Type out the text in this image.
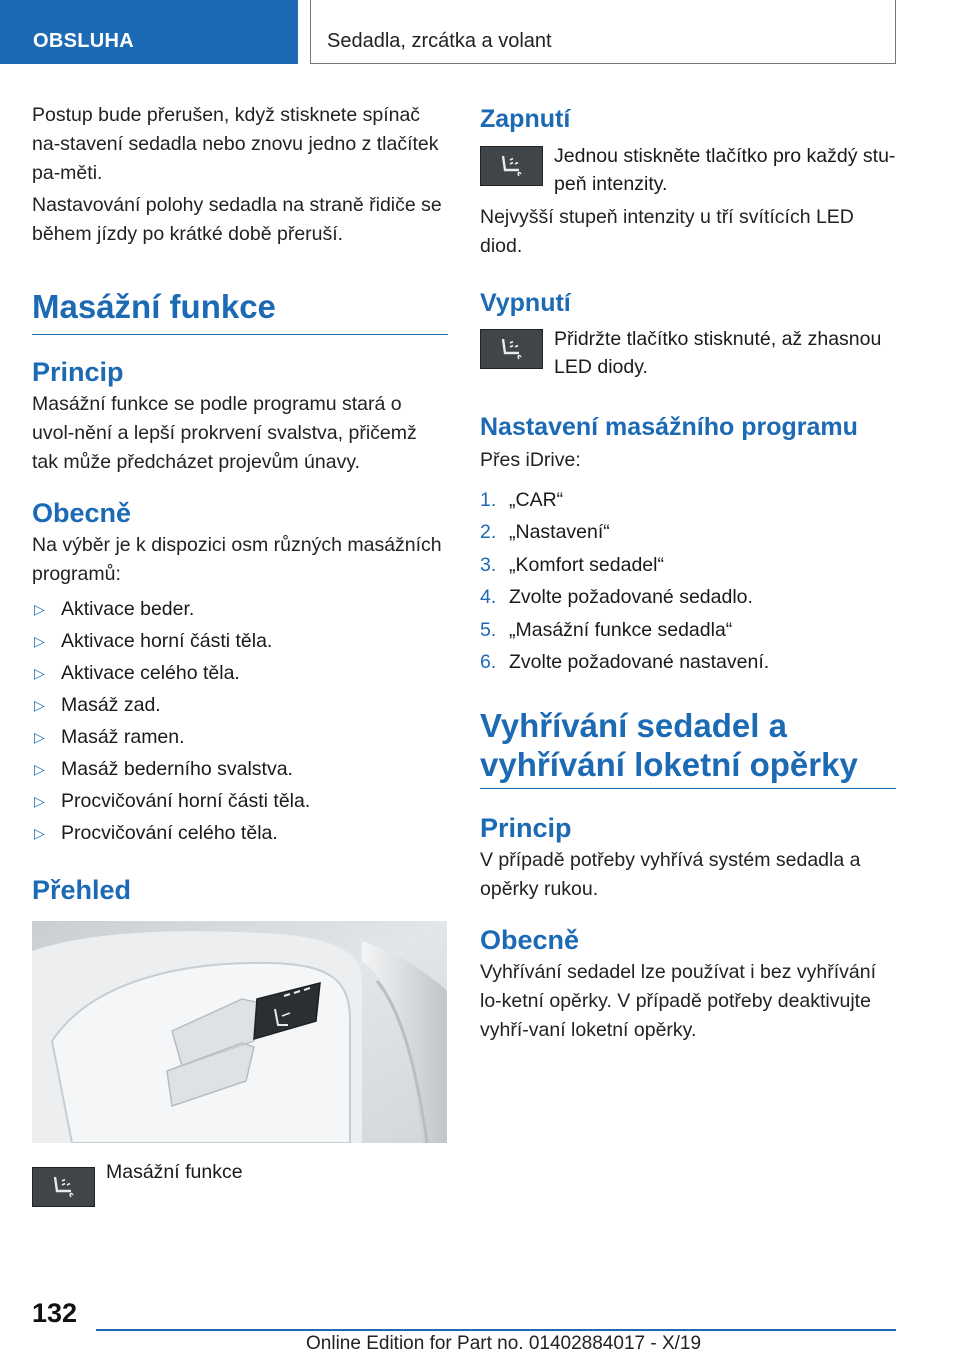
OBSLUHA	Sedadla, zrcátka a volant

Postup bude přerušen, když stisknete spínač na-stavení sedadla nebo znovu jedno z tlačítek pa-měti.

Nastavování polohy sedadla na straně řidiče se během jízdy po krátké době přeruší.

Masážní funkce
Princip

Masážní funkce se podle programu stará o uvol-nění a lepší prokrvení svalstva, přičemž tak může předcházet projevům únavy.

Obecně

Na výběr je k dispozici osm různých masážních programů:

▷ Aktivace beder.
▷ Aktivace horní části těla.
▷ Aktivace celého těla.
▷ Masáž zad.
▷ Masáž ramen.
▷ Masáž bederního svalstva.
▷ Procvičování horní části těla.
▷ Procvičování celého těla.
Přehled
Masážní funkce
Zapnutí
Jednou stiskněte tlačítko pro každý stu-peň intenzity.

Nejvyšší stupeň intenzity u tří svítících LED diod.

Vypnutí
Přidržte tlačítko stisknuté, až zhasnou LED diody.
Nastavení masážního programu

Přes iDrive:

1. „CAR“
2. „Nastavení“
3. „Komfort sedadel“
4. Zvolte požadované sedadlo.
5. „Masážní funkce sedadla“
6. Zvolte požadované nastavení.
Vyhřívání sedadel a
vyhřívání loketní opěrky
Princip

V případě potřeby vyhřívá systém sedadla a opěrky rukou.

Obecně

Vyhřívání sedadel lze používat i bez vyhřívání lo-ketní opěrky. V případě potřeby deaktivujte vyhří-vaní loketní opěrky.

132
Online Edition for Part no. 01402884017 - X/19
